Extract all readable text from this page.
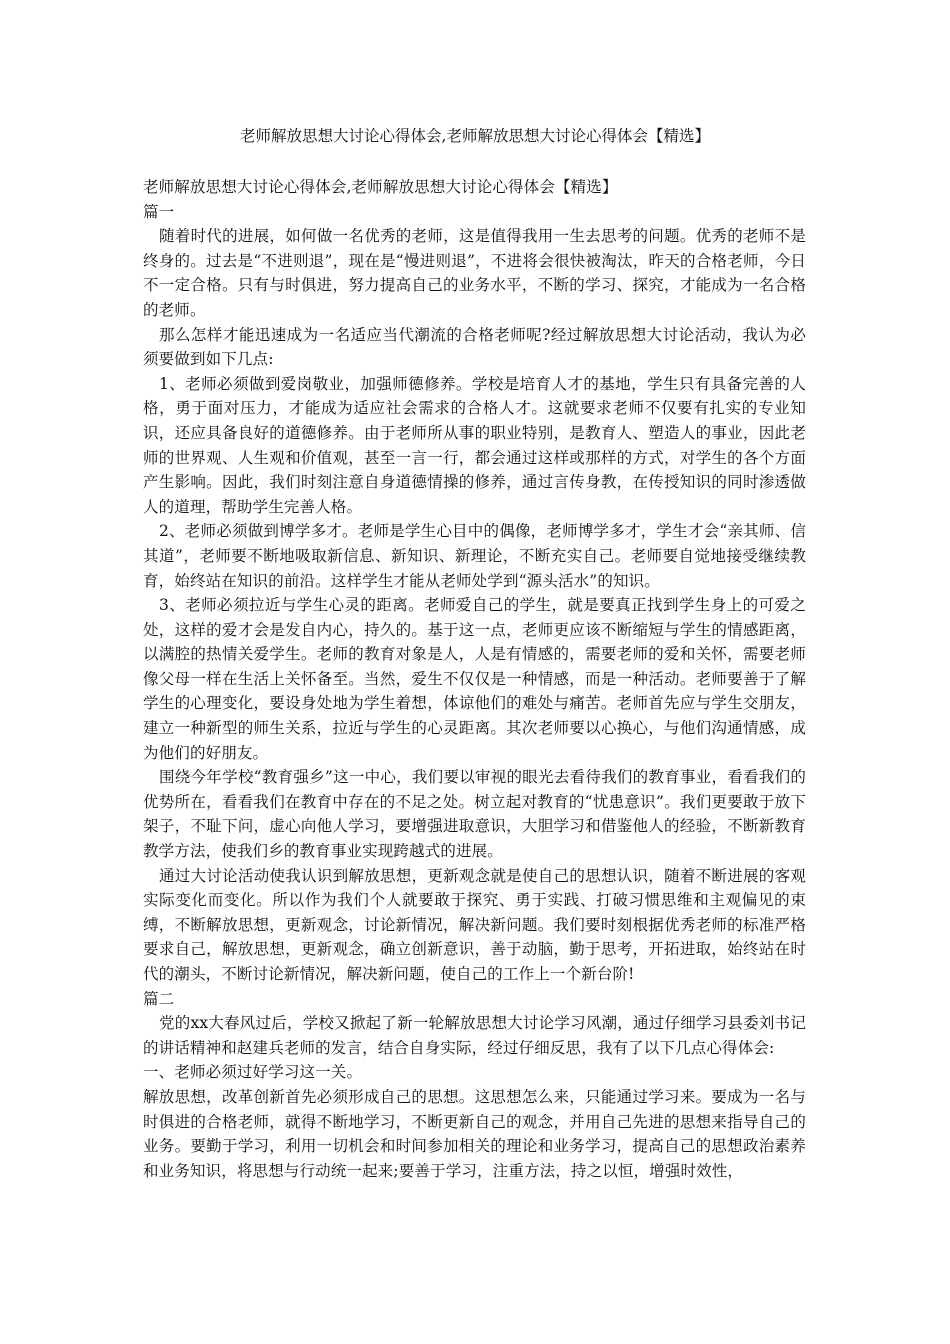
老师解放思想大讨论心得体会,老师解放思想大讨论心得体会【精选】

老师解放思想大讨论心得体会,老师解放思想大讨论心得体会【精选】

篇一

随着时代的进展，如何做一名优秀的老师，这是值得我用一生去思考的问题。优秀的老师不是终身的。过去是“不进则退”，现在是“慢进则退”，不进将会很快被淘汰，昨天的合格老师，今日不一定合格。只有与时俱进，努力提高自己的业务水平，不断的学习、探究，才能成为一名合格的老师。

那么怎样才能迅速成为一名适应当代潮流的合格老师呢?经过解放思想大讨论活动，我认为必须要做到如下几点:

1、老师必须做到爱岗敬业，加强师德修养。学校是培育人才的基地，学生只有具备完善的人格，勇于面对压力，才能成为适应社会需求的合格人才。这就要求老师不仅要有扎实的专业知识，还应具备良好的道德修养。由于老师所从事的职业特别，是教育人、塑造人的事业，因此老师的世界观、人生观和价值观，甚至一言一行，都会通过这样或那样的方式，对学生的各个方面产生影响。因此，我们时刻注意自身道德情操的修养，通过言传身教，在传授知识的同时渗透做人的道理，帮助学生完善人格。

2、老师必须做到博学多才。老师是学生心目中的偶像，老师博学多才，学生才会“亲其师、信其道”，老师要不断地吸取新信息、新知识、新理论，不断充实自己。老师要自觉地接受继续教育，始终站在知识的前沿。这样学生才能从老师处学到“源头活水”的知识。

3、老师必须拉近与学生心灵的距离。老师爱自己的学生，就是要真正找到学生身上的可爱之处，这样的爱才会是发自内心，持久的。基于这一点，老师更应该不断缩短与学生的情感距离，以满腔的热情关爱学生。老师的教育对象是人，人是有情感的，需要老师的爱和关怀，需要老师像父母一样在生活上关怀备至。当然，爱生不仅仅是一种情感，而是一种活动。老师要善于了解学生的心理变化，要设身处地为学生着想，体谅他们的难处与痛苦。老师首先应与学生交朋友，建立一种新型的师生关系，拉近与学生的心灵距离。其次老师要以心换心，与他们沟通情感，成为他们的好朋友。

围绕今年学校“教育强乡”这一中心，我们要以审视的眼光去看待我们的教育事业，看看我们的优势所在，看看我们在教育中存在的不足之处。树立起对教育的“忧患意识”。我们更要敢于放下架子，不耻下问，虚心向他人学习，要增强进取意识，大胆学习和借鉴他人的经验，不断新教育教学方法，使我们乡的教育事业实现跨越式的进展。

通过大讨论活动使我认识到解放思想，更新观念就是使自己的思想认识，随着不断进展的客观实际变化而变化。所以作为我们个人就要敢于探究、勇于实践、打破习惯思维和主观偏见的束缚，不断解放思想，更新观念，讨论新情况，解决新问题。我们要时刻根据优秀老师的标准严格要求自己，解放思想，更新观念，确立创新意识，善于动脑，勤于思考，开拓进取，始终站在时代的潮头，不断讨论新情况，解决新问题，使自己的工作上一个新台阶!

篇二

党的xx大春风过后，学校又掀起了新一轮解放思想大讨论学习风潮，通过仔细学习县委刘书记的讲话精神和赵建兵老师的发言，结合自身实际，经过仔细反思，我有了以下几点心得体会:

一、老师必须过好学习这一关。

解放思想，改革创新首先必须形成自己的思想。这思想怎么来，只能通过学习来。要成为一名与时俱进的合格老师，就得不断地学习，不断更新自己的观念，并用自己先进的思想来指导自己的业务。要勤于学习，利用一切机会和时间参加相关的理论和业务学习，提高自己的思想政治素养和业务知识，将思想与行动统一起来;要善于学习，注重方法，持之以恒，增强时效性，
